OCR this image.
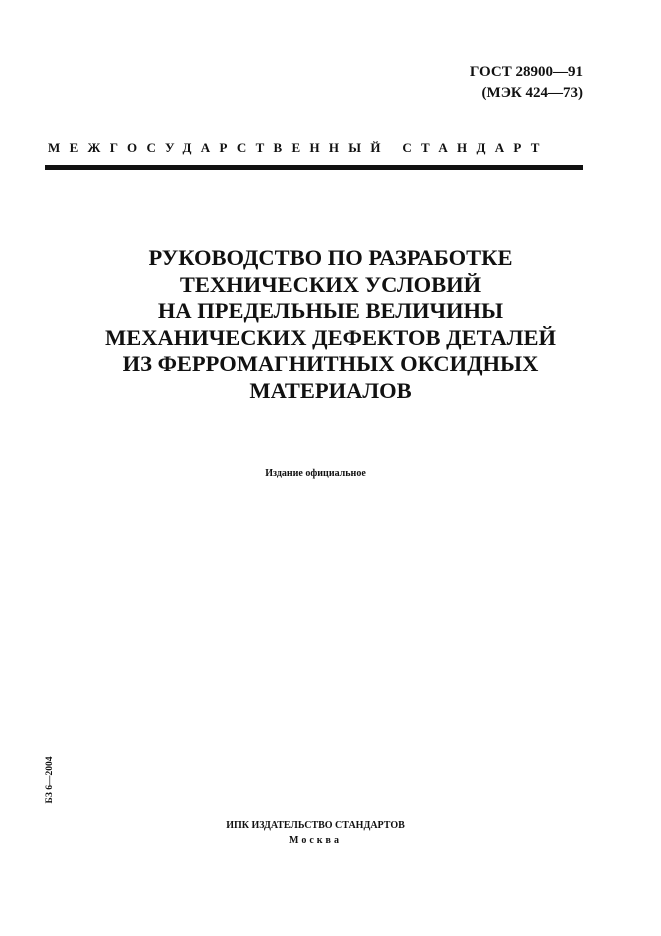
ГОСТ 28900—91
(МЭК 424—73)
МЕЖГОСУДАРСТВЕННЫЙ СТАНДАРТ
РУКОВОДСТВО ПО РАЗРАБОТКЕ
ТЕХНИЧЕСКИХ УСЛОВИЙ
НА ПРЕДЕЛЬНЫЕ ВЕЛИЧИНЫ
МЕХАНИЧЕСКИХ ДЕФЕКТОВ ДЕТАЛЕЙ
ИЗ ФЕРРОМАГНИТНЫХ ОКСИДНЫХ
МАТЕРИАЛОВ
Издание официальное
БЗ 6—2004
ИПК ИЗДАТЕЛЬСТВО СТАНДАРТОВ
Москва
